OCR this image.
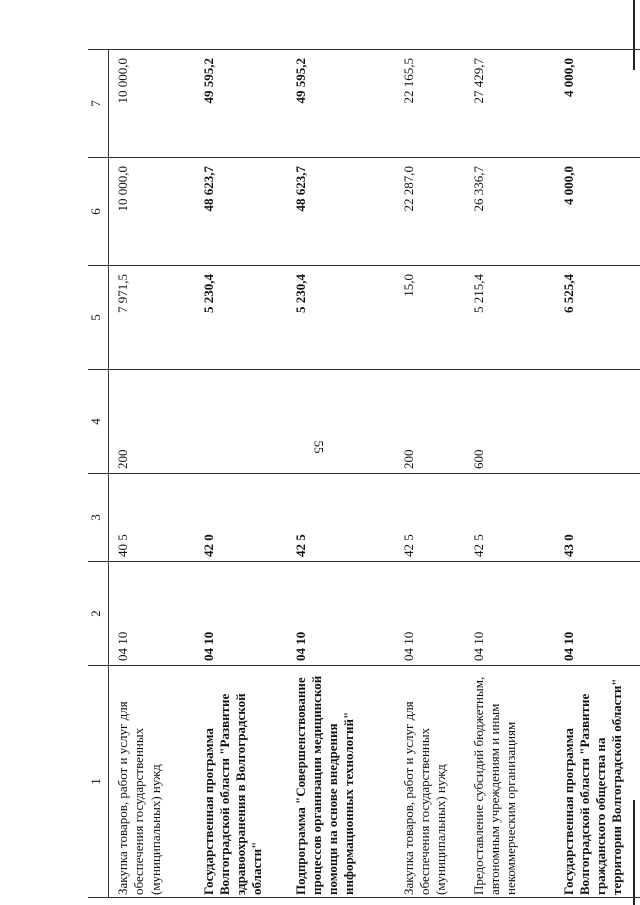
55
1	2	3	4	5	6	7
Закупка товаров, работ и услуг для обеспечения государственных (муниципальных) нужд	04 10	40 5	200	7 971,5	10 000,0	10 000,0
Государственная программа Волгоградской области "Развитие здравоохранения в Волгоградской области"	04 10	42 0		5 230,4	48 623,7	49 595,2
Подпрограмма "Совершенствование процессов организации медицинской помощи на основе внедрения информационных технологий"	04 10	42 5		5 230,4	48 623,7	49 595,2
Закупка товаров, работ и услуг для обеспечения государственных (муниципальных) нужд	04 10	42 5	200	15,0	22 287,0	22 165,5
Предоставление субсидий бюджетным, автономным учреждениям и иным некоммерческим организациям	04 10	42 5	600	5 215,4	26 336,7	27 429,7
Государственная программа Волгоградской области "Развитие гражданского общества на территории Волгоградской области"	04 10	43 0		6 525,4	4 000,0	4 000,0
